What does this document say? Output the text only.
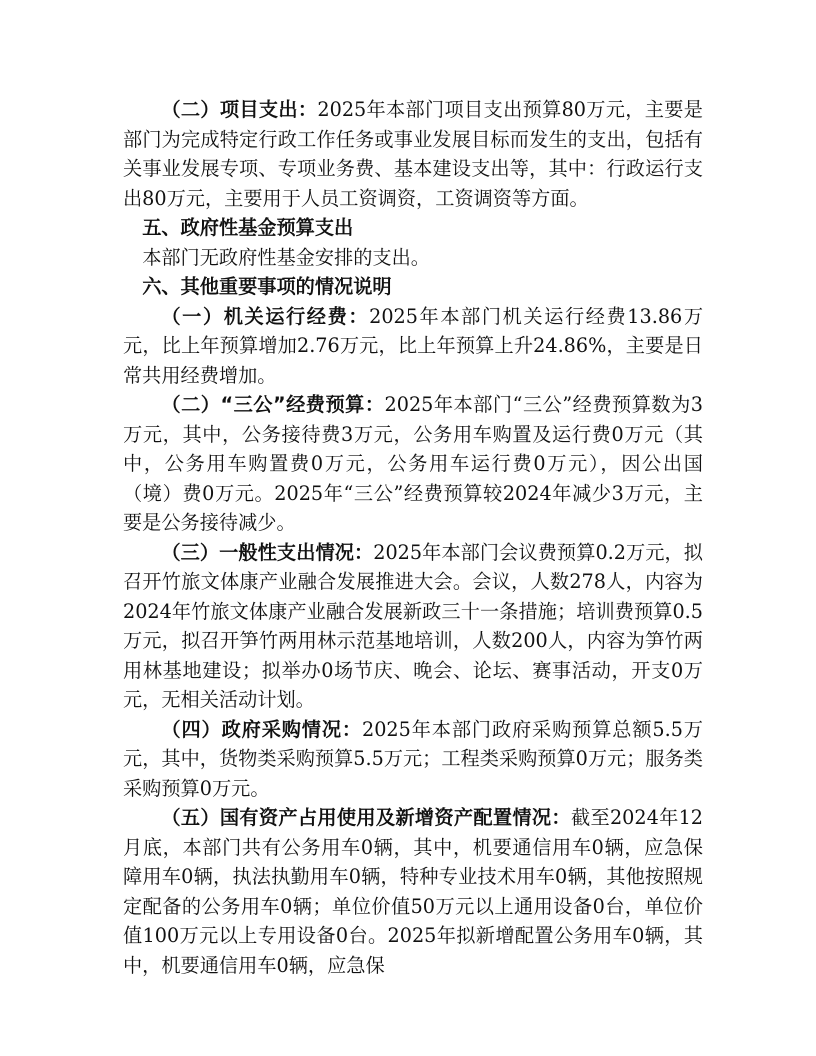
（二）项目支出：2025年本部门项目支出预算80万元，主要是部门为完成特定行政工作任务或事业发展目标而发生的支出，包括有关事业发展专项、专项业务费、基本建设支出等，其中：行政运行支出80万元，主要用于人员工资调资，工资调资等方面。

五、政府性基金预算支出

本部门无政府性基金安排的支出。

六、其他重要事项的情况说明

（一）机关运行经费：2025年本部门机关运行经费13.86万元，比上年预算增加2.76万元，比上年预算上升24.86%，主要是日常共用经费增加。

（二）“三公”经费预算：2025年本部门“三公”经费预算数为3万元，其中，公务接待费3万元，公务用车购置及运行费0万元（其中，公务用车购置费0万元，公务用车运行费0万元），因公出国（境）费0万元。2025年“三公”经费预算较2024年减少3万元，主要是公务接待减少。

（三）一般性支出情况：2025年本部门会议费预算0.2万元，拟召开竹旅文体康产业融合发展推进大会。会议，人数278人，内容为2024年竹旅文体康产业融合发展新政三十一条措施；培训费预算0.5万元，拟召开笋竹两用林示范基地培训，人数200人，内容为笋竹两用林基地建设；拟举办0场节庆、晚会、论坛、赛事活动，开支0万元，无相关活动计划。

（四）政府采购情况：2025年本部门政府采购预算总额5.5万元，其中，货物类采购预算5.5万元；工程类采购预算0万元；服务类采购预算0万元。

（五）国有资产占用使用及新增资产配置情况：截至2024年12月底，本部门共有公务用车0辆，其中，机要通信用车0辆，应急保障用车0辆，执法执勤用车0辆，特种专业技术用车0辆，其他按照规定配备的公务用车0辆；单位价值50万元以上通用设备0台，单位价值100万元以上专用设备0台。2025年拟新增配置公务用车0辆，其中，机要通信用车0辆，应急保
